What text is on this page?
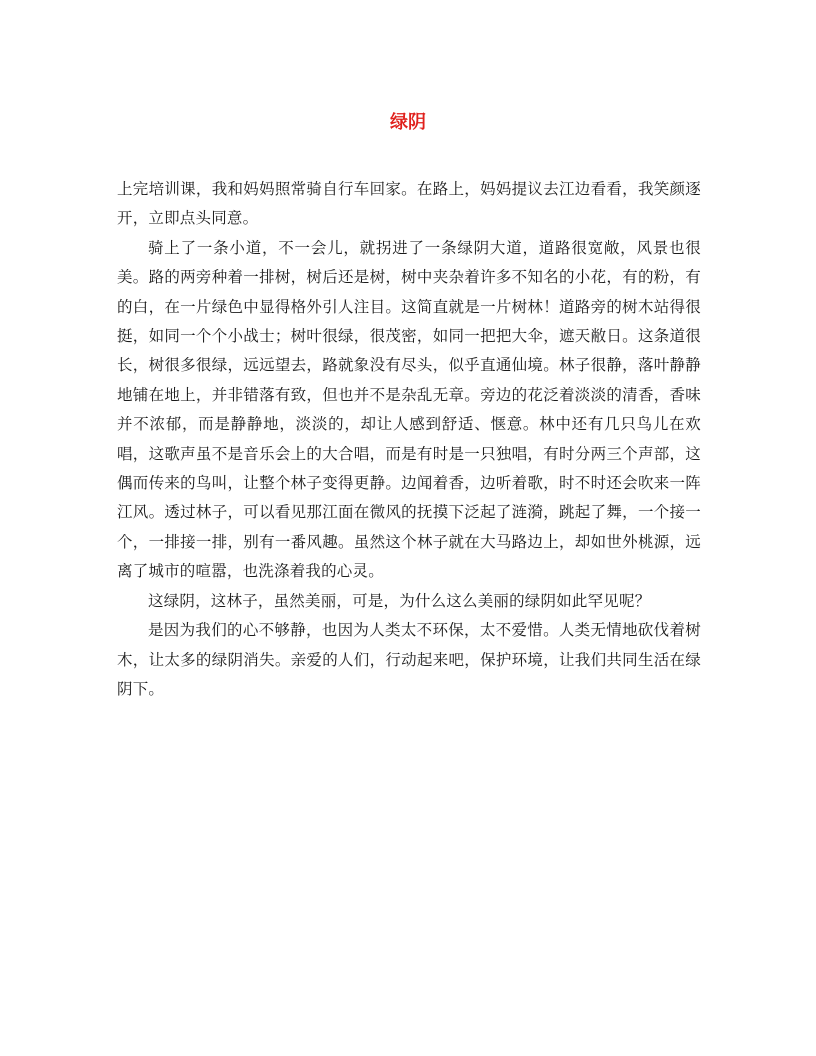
绿阴

上完培训课，我和妈妈照常骑自行车回家。在路上，妈妈提议去江边看看，我笑颜逐开，立即点头同意。

骑上了一条小道，不一会儿，就拐进了一条绿阴大道，道路很宽敞，风景也很美。路的两旁种着一排树，树后还是树，树中夹杂着许多不知名的小花，有的粉，有的白，在一片绿色中显得格外引人注目。这简直就是一片树林！道路旁的树木站得很挺，如同一个个小战士；树叶很绿，很茂密，如同一把把大伞，遮天敝日。这条道很长，树很多很绿，远远望去，路就象没有尽头，似乎直通仙境。林子很静，落叶静静地铺在地上，并非错落有致，但也并不是杂乱无章。旁边的花泛着淡淡的清香，香味并不浓郁，而是静静地，淡淡的，却让人感到舒适、惬意。林中还有几只鸟儿在欢唱，这歌声虽不是音乐会上的大合唱，而是有时是一只独唱，有时分两三个声部，这偶而传来的鸟叫，让整个林子变得更静。边闻着香，边听着歌，时不时还会吹来一阵江风。透过林子，可以看见那江面在微风的抚摸下泛起了涟漪，跳起了舞，一个接一个，一排接一排，别有一番风趣。虽然这个林子就在大马路边上，却如世外桃源，远离了城市的喧嚣，也洗涤着我的心灵。

这绿阴，这林子，虽然美丽，可是，为什么这么美丽的绿阴如此罕见呢？

是因为我们的心不够静，也因为人类太不环保，太不爱惜。人类无情地砍伐着树木，让太多的绿阴消失。亲爱的人们，行动起来吧，保护环境，让我们共同生活在绿阴下。
